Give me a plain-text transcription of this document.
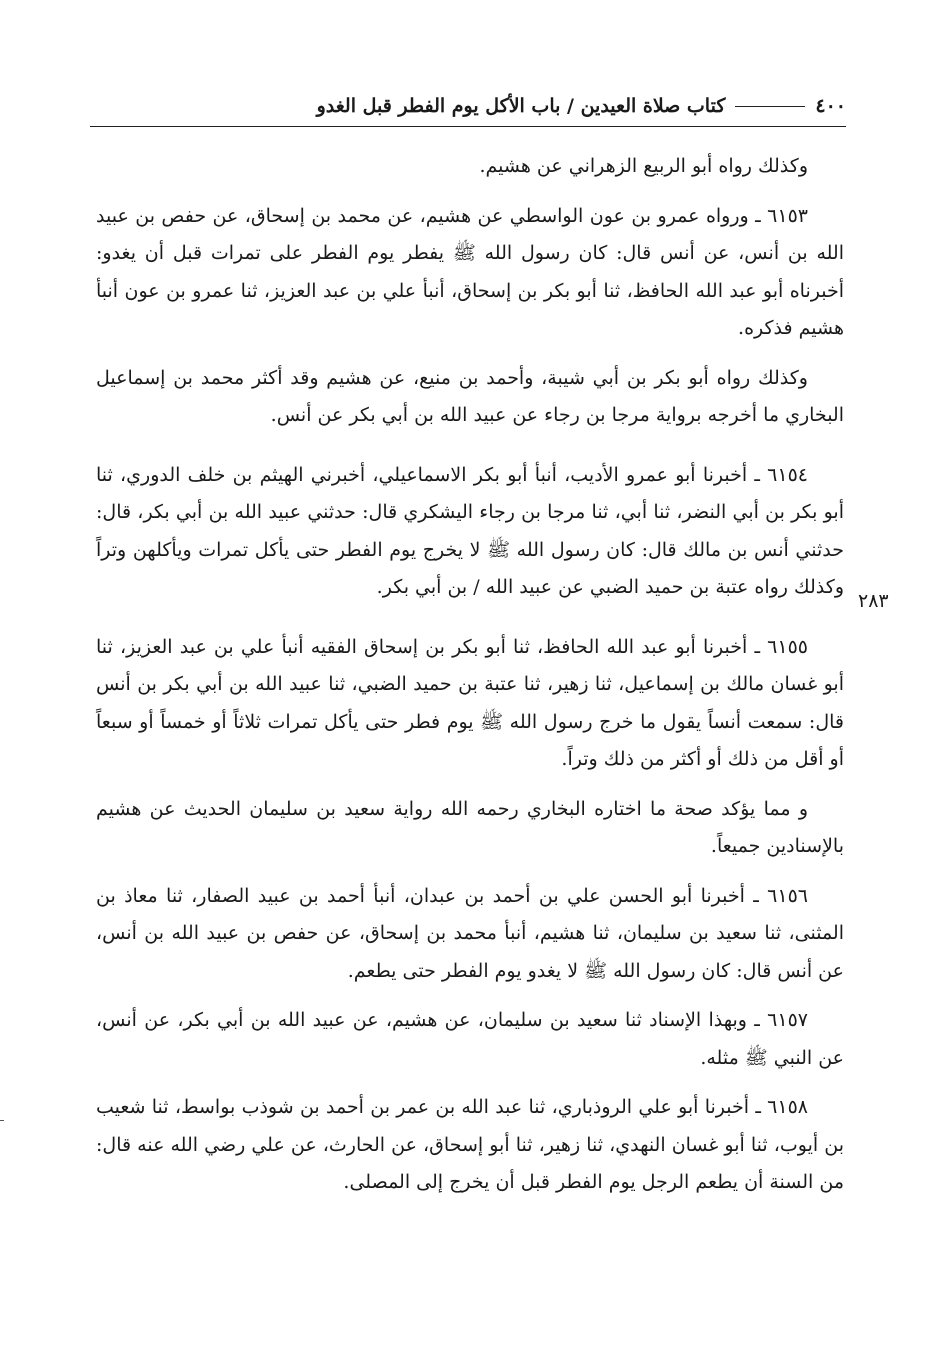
٤٠٠
كتاب صلاة العيدين / باب الأكل يوم الفطر قبل الغدو
٢٨٣

وكذلك رواه أبو الربيع الزهراني عن هشيم.

٦١٥٣ ـ ورواه عمرو بن عون الواسطي عن هشيم، عن محمد بن إسحاق، عن حفص بن عبيد الله بن أنس، عن أنس قال: كان رسول الله ﷺ يفطر يوم الفطر على تمرات قبل أن يغدو: أخبرناه أبو عبد الله الحافظ، ثنا أبو بكر بن إسحاق، أنبأ علي بن عبد العزيز، ثنا عمرو بن عون أنبأ هشيم فذكره.

وكذلك رواه أبو بكر بن أبي شيبة، وأحمد بن منيع، عن هشيم وقد أكثر محمد بن إسماعيل البخاري ما أخرجه برواية مرجا بن رجاء عن عبيد الله بن أبي بكر عن أنس.

٦١٥٤ ـ أخبرنا أبو عمرو الأديب، أنبأ أبو بكر الاسماعيلي، أخبرني الهيثم بن خلف الدوري، ثنا أبو بكر بن أبي النضر، ثنا أبي، ثنا مرجا بن رجاء اليشكري قال: حدثني عبيد الله بن أبي بكر، قال: حدثني أنس بن مالك قال: كان رسول الله ﷺ لا يخرج يوم الفطر حتى يأكل تمرات ويأكلهن وتراً وكذلك رواه عتبة بن حميد الضبي عن عبيد الله / بن أبي بكر.

٦١٥٥ ـ أخبرنا أبو عبد الله الحافظ، ثنا أبو بكر بن إسحاق الفقيه أنبأ علي بن عبد العزيز، ثنا أبو غسان مالك بن إسماعيل، ثنا زهير، ثنا عتبة بن حميد الضبي، ثنا عبيد الله بن أبي بكر بن أنس قال: سمعت أنساً يقول ما خرج رسول الله ﷺ يوم فطر حتى يأكل تمرات ثلاثاً أو خمساً أو سبعاً أو أقل من ذلك أو أكثر من ذلك وتراً.

و مما يؤكد صحة ما اختاره البخاري رحمه الله رواية سعيد بن سليمان الحديث عن هشيم بالإسنادين جميعاً.

٦١٥٦ ـ أخبرنا أبو الحسن علي بن أحمد بن عبدان، أنبأ أحمد بن عبيد الصفار، ثنا معاذ بن المثنى، ثنا سعيد بن سليمان، ثنا هشيم، أنبأ محمد بن إسحاق، عن حفص بن عبيد الله بن أنس، عن أنس قال: كان رسول الله ﷺ لا يغدو يوم الفطر حتى يطعم.

٦١٥٧ ـ وبهذا الإسناد ثنا سعيد بن سليمان، عن هشيم، عن عبيد الله بن أبي بكر، عن أنس، عن النبي ﷺ مثله.

٦١٥٨ ـ أخبرنا أبو علي الروذباري، ثنا عبد الله بن عمر بن أحمد بن شوذب بواسط، ثنا شعيب بن أيوب، ثنا أبو غسان النهدي، ثنا زهير، ثنا أبو إسحاق، عن الحارث، عن علي رضي الله عنه قال: من السنة أن يطعم الرجل يوم الفطر قبل أن يخرج إلى المصلى.
